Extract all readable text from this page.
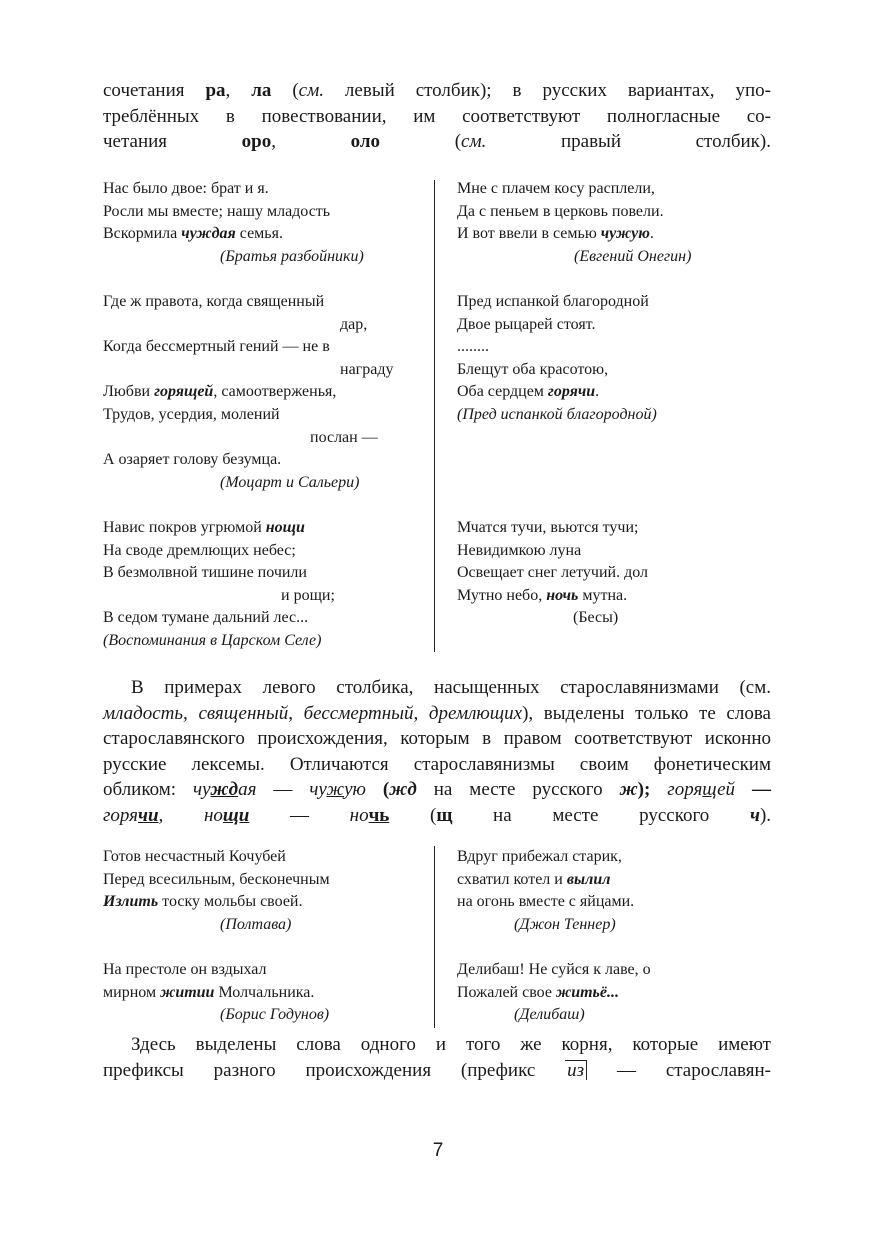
сочетания ра, ла (см. левый столбик); в русских вариантах, упо-
треблённых в повествовании, им соответствуют полногласные со-
четания оро, оло (см. правый столбик).
Нас было двое: брат и я.
Росли мы вместе; нашу младость
Вскормила чуждая семья.
(Братья разбойники)
Мне с плачем косу расплели,
Да с пеньем в церковь повели.
И вот ввели в семью чужую.
(Евгений Онегин)
Где ж правота, когда священный
дар,
Когда бессмертный гений — не в
награду
Любви горящей, самоотверженья,
Трудов, усердия, молений
послан —
А озаряет голову безумца.
(Моцарт и Сальери)
Пред испанкой благородной
Двое рыцарей стоят.
........
Блещут оба красотою,
Оба сердцем горячи.
(Пред испанкой благородной)
Навис покров угрюмой нощи
На своде дремлющих небес;
В безмолвной тишине почили
и рощи;
В седом тумане дальний лес...
(Воспоминания в Царском Селе)
Мчатся тучи, вьются тучи;
Невидимкою луна
Освещает снег летучий. дол
Мутно небо, ночь мутна.
(Бесы)
В примерах левого столбика, насыщенных старославянизмами (см.
младость, священный, бессмертный, дремлющих), выделены только те слова
старославянского происхождения, которым в правом соответствуют исконно
русские лексемы. Отличаются старославянизмы своим фонетическим
обликом: чуждая — чужую (жд на месте русского ж); горящей —
горячи, нощи — ночь (щ на месте русского ч).
Готов несчастный Кочубей
Перед всесильным, бесконечным
Излить тоску мольбы своей.
(Полтава)
Вдруг прибежал старик,
схватил котел и вылил
на огонь вместе с яйцами.
(Джон Теннер)
На престоле он вздыхал
мирном житии Молчальника.
(Борис Годунов)
Делибаш! Не суйся к лаве, о
Пожалей свое житьё...
(Делибаш)
Здесь выделены слова одного и того же корня, которые имеют
префиксы разного происхождения (префикс из — старославян-
7
